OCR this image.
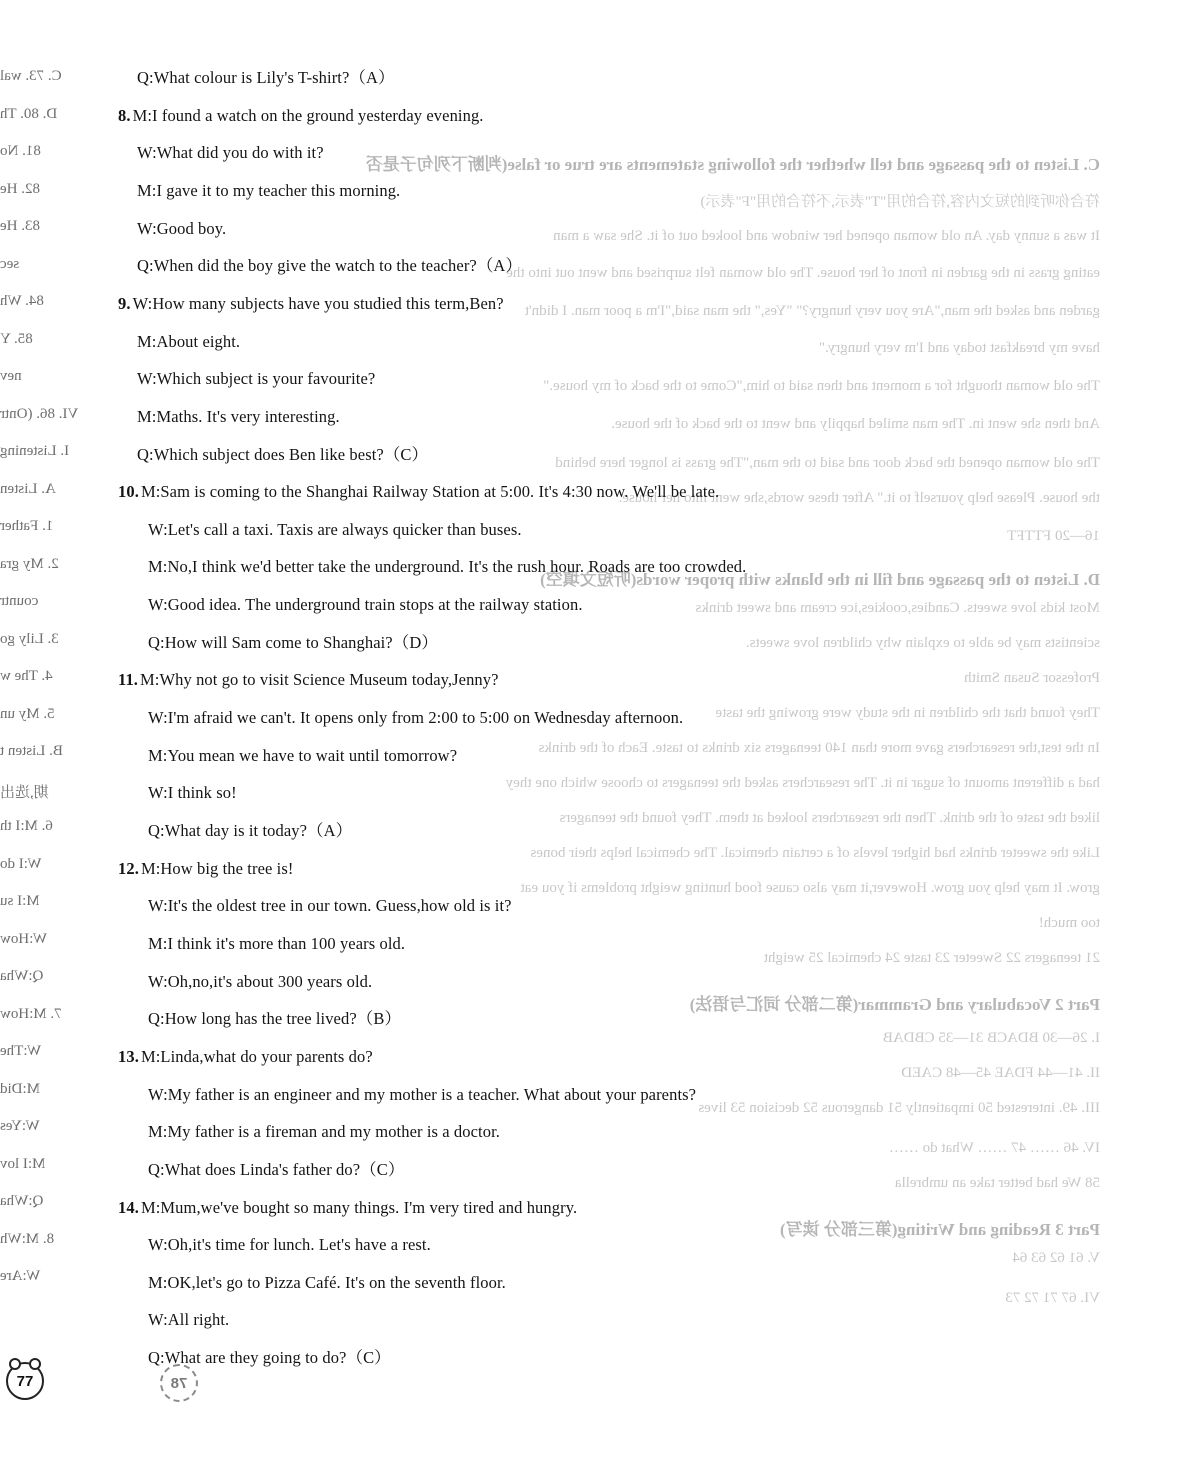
C. Listen to the passage and tell whether the following statements are true or false(判断下列句子是否
符合你听到的短文内容,符合的用"T"表示,不符合的用"F"表示)
It was a sunny day. An old woman opened her window and looked out of it. She saw a man
eating grass in the garden in front of her house. The old woman felt surprised and went out into the
garden and asked the man,"Are you very hungry?" "Yes," the man said,"I'm a poor man. I didn't
have my breakfast today and I'm very hungry."
The old woman thought for a moment and then said to him,"Come to the back of my house."
And then she went in. The man smiled happily and went to the back of the house.
The old woman opened the back door and said to the man,"The grass is longer here behind
the house. Please help yourself to it." After these words,she went into her house.
16—20 FTTFT
D. Listen to the passage and fill in the blanks with proper words(听短文填空)
Most kids love sweets. Candies,cookies,ice cream and sweet drinks
scientists may be able to explain why children love sweets.
Professor Susan Smith
They found that the children in the study were growing the taste
In the test,the researchers gave more than 140 teenagers six drinks to taste. Each of the drinks
had a different amount of sugar in it. The researchers asked the teenagers to choose which one they
liked the taste of the drink. Then the researchers looked at them. They found the teenagers
Like the sweeter drinks had higher levels of a certain chemical. The chemical helps their bones
grow. It may help you grow. However,it may also cause food hunting weight problems if you eat
too much!
21 teenagers 22 Sweeter 23 taste 24 chemical 25 weight
Part 2 Vocabulary and Grammar(第二部分 词汇与语法)
I. 26—30 BDACB 31—35 CBDAB
II. 41—44 FDAE 45—48 CAED
III. 49. interested 50 impatiently 51 dangerous 52 decision 53 lives
IV. 46 …… 47 …… What do ……
58 We had better take an umbrella
Part 3 Reading and Writing(第三部分 读写)
V. 61 62 63 64
VI. 67 71 72 73
C. 73. wal
D. 80. Th
81. No
82. He
83. He
sec
84. Wh
85. Y
nev
VI. 86. (Ontr
I. Listening
A. Listen
1. Father
2. My gra
countr
3. Lily go
4. The w
5. My un
B. Listen t
期,选出
6. M:I th
W:I do
M:I su
W:How
Q:Wha
7. M:How
W:The
M:Did
W:Yes
M:I lov
Q:Wha
8. M:Wh
W:Are
Q:What colour is Lily's T-shirt?（A）
8. M:I found a watch on the ground yesterday evening.
W:What did you do with it?
M:I gave it to my teacher this morning.
W:Good boy.
Q:When did the boy give the watch to the teacher?（A）
9. W:How many subjects have you studied this term,Ben?
M:About eight.
W:Which subject is your favourite?
M:Maths. It's very interesting.
Q:Which subject does Ben like best?（C）
10. M:Sam is coming to the Shanghai Railway Station at 5:00. It's 4:30 now. We'll be late.
W:Let's call a taxi. Taxis are always quicker than buses.
M:No,I think we'd better take the underground. It's the rush hour. Roads are too crowded.
W:Good idea. The underground train stops at the railway station.
Q:How will Sam come to Shanghai?（D）
11. M:Why not go to visit Science Museum today,Jenny?
W:I'm afraid we can't. It opens only from 2:00 to 5:00 on Wednesday afternoon.
M:You mean we have to wait until tomorrow?
W:I think so!
Q:What day is it today?（A）
12. M:How big the tree is!
W:It's the oldest tree in our town. Guess,how old is it?
M:I think it's more than 100 years old.
W:Oh,no,it's about 300 years old.
Q:How long has the tree lived?（B）
13. M:Linda,what do your parents do?
W:My father is an engineer and my mother is a teacher. What about your parents?
M:My father is a fireman and my mother is a doctor.
Q:What does Linda's father do?（C）
14. M:Mum,we've bought so many things. I'm very tired and hungry.
W:Oh,it's time for lunch. Let's have a rest.
M:OK,let's go to Pizza Café. It's on the seventh floor.
W:All right.
Q:What are they going to do?（C）
77	78
